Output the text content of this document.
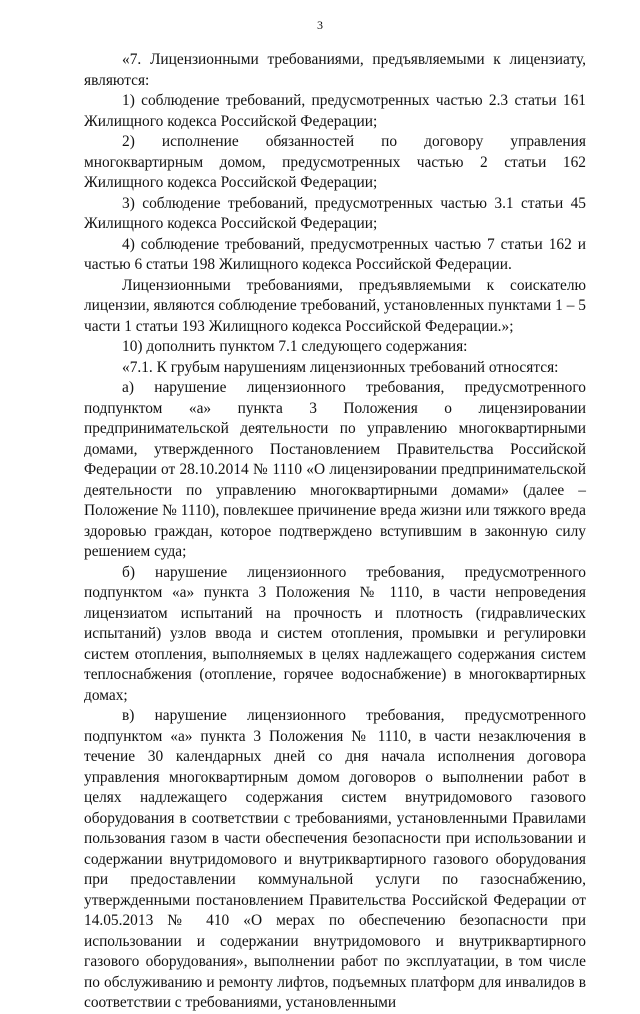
3

«7. Лицензионными требованиями, предъявляемыми к лицензиату, являются:

1) соблюдение требований, предусмотренных частью 2.3 статьи 161 Жилищного кодекса Российской Федерации;

2) исполнение обязанностей по договору управления многоквартирным домом, предусмотренных частью 2 статьи 162 Жилищного кодекса Российской Федерации;

3) соблюдение требований, предусмотренных частью 3.1 статьи 45 Жилищного кодекса Российской Федерации;

4) соблюдение требований, предусмотренных частью 7 статьи 162 и частью 6 статьи 198 Жилищного кодекса Российской Федерации.

Лицензионными требованиями, предъявляемыми к соискателю лицензии, являются соблюдение требований, установленных пунктами 1 – 5 части 1 статьи 193 Жилищного кодекса Российской Федерации.»;

10) дополнить пунктом 7.1 следующего содержания:

«7.1. К грубым нарушениям лицензионных требований относятся:

а) нарушение лицензионного требования, предусмотренного подпунктом «а» пункта 3 Положения о лицензировании предпринимательской деятельности по управлению многоквартирными домами, утвержденного Постановлением Правительства Российской Федерации от 28.10.2014 № 1110 «О лицензировании предпринимательской деятельности по управлению многоквартирными домами» (далее – Положение № 1110), повлекшее причинение вреда жизни или тяжкого вреда здоровью граждан, которое подтверждено вступившим в законную силу решением суда;

б) нарушение лицензионного требования, предусмотренного подпунктом «а» пункта 3 Положения № 1110, в части непроведения лицензиатом испытаний на прочность и плотность (гидравлических испытаний) узлов ввода и систем отопления, промывки и регулировки систем отопления, выполняемых в целях надлежащего содержания систем теплоснабжения (отопление, горячее водоснабжение) в многоквартирных домах;

в) нарушение лицензионного требования, предусмотренного подпунктом «а» пункта 3 Положения № 1110, в части незаключения в течение 30 календарных дней со дня начала исполнения договора управления многоквартирным домом договоров о выполнении работ в целях надлежащего содержания систем внутридомового газового оборудования в соответствии с требованиями, установленными Правилами пользования газом в части обеспечения безопасности при использовании и содержании внутридомового и внутриквартирного газового оборудования при предоставлении коммунальной услуги по газоснабжению, утвержденными постановлением Правительства Российской Федерации от 14.05.2013 № 410 «О мерах по обеспечению безопасности при использовании и содержании внутридомового и внутриквартирного газового оборудования», выполнении работ по эксплуатации, в том числе по обслуживанию и ремонту лифтов, подъемных платформ для инвалидов в соответствии с требованиями, установленными
